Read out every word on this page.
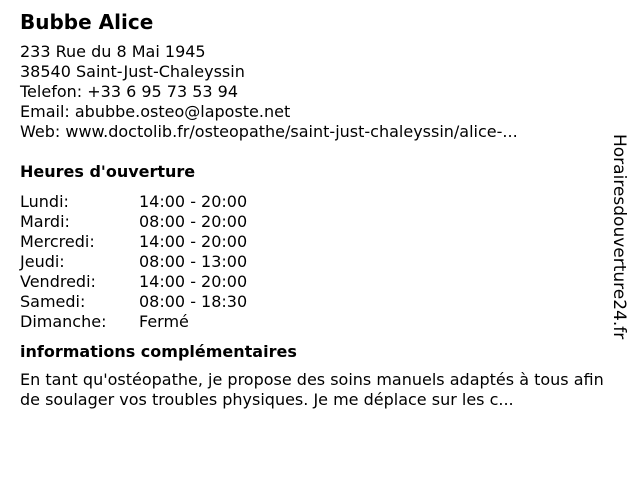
Bubbe Alice
233 Rue du 8 Mai 1945
38540 Saint-Just-Chaleyssin
Telefon: +33 6 95 73 53 94
Email: abubbe.osteo@laposte.net
Web: www.doctolib.fr/osteopathe/saint-just-chaleyssin/alice-...
Heures d'ouverture
Lundi:	14:00 - 20:00
Mardi:	08:00 - 20:00
Mercredi:	14:00 - 20:00
Jeudi:	08:00 - 13:00
Vendredi:	14:00 - 20:00
Samedi:	08:00 - 18:30
Dimanche:	Fermé
informations complémentaires

En tant qu'ostéopathe, je propose des soins manuels adaptés à tous afin de soulager vos troubles physiques. Je me déplace sur les c...

Horairesdouverture24.fr
